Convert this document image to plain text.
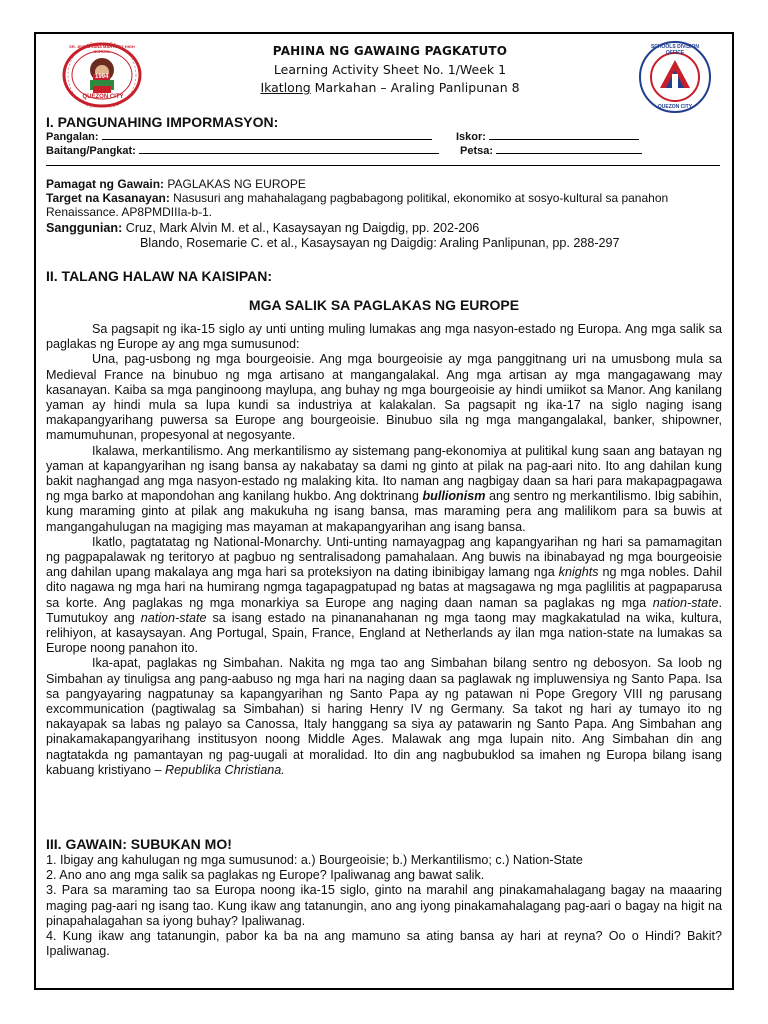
1994
QUEZON CITY
SR. JESUS JANA MARTINEZ HIGH SCHOOL
SCHOOLS DIVISION OFFICE
QUEZON CITY
PAHINA NG GAWAING PAGKATUTO
Learning Activity Sheet No. 1/Week 1
Ikatlong Markahan – Araling Panlipunan 8
I. PANGUNAHING IMPORMASYON:
Pangalan:	Iskor:
Baitang/Pangkat:	Petsa:
Pamagat ng Gawain: PAGLAKAS NG EUROPE
Target na Kasanayan: Nasusuri ang mahahalagang pagbabagong politikal, ekonomiko at sosyo-kultural sa panahon Renaissance. AP8PMDIIIa-b-1.
Sanggunian: Cruz, Mark Alvin M. et al., Kasaysayan ng Daigdig, pp. 202-206
Blando, Rosemarie C. et al., Kasaysayan ng Daigdig: Araling Panlipunan, pp. 288-297
II. TALANG HALAW NA KAISIPAN:
MGA SALIK SA PAGLAKAS NG EUROPE

Sa pagsapit ng ika-15 siglo ay unti unting muling lumakas ang mga nasyon-estado ng Europa. Ang mga salik sa paglakas ng Europe ay ang mga sumusunod:

Una, pag-usbong ng mga bourgeoisie. Ang mga bourgeoisie ay mga panggitnang uri na umusbong mula sa Medieval France na binubuo ng mga artisano at mangangalakal. Ang mga artisan ay mga mangagawang may kasanayan. Kaiba sa mga panginoong maylupa, ang buhay ng mga bourgeoisie ay hindi umiikot sa Manor. Ang kanilang yaman ay hindi mula sa lupa kundi sa industriya at kalakalan. Sa pagsapit ng ika-17 na siglo naging isang makapangyarihang puwersa sa Europe ang bourgeoisie. Binubuo sila ng mga mangangalakal, banker, shipowner, mamumuhunan, propesyonal at negosyante.

Ikalawa, merkantilismo. Ang merkantilismo ay sistemang pang-ekonomiya at pulitikal kung saan ang batayan ng yaman at kapangyarihan ng isang bansa ay nakabatay sa dami ng ginto at pilak na pag-aari nito. Ito ang dahilan kung bakit naghangad ang mga nasyon-estado ng malaking kita. Ito naman ang nagbigay daan sa hari para makapagpagawa ng mga barko at mapondohan ang kanilang hukbo. Ang doktrinang bullionism ang sentro ng merkantilismo. Ibig sabihin, kung maraming ginto at pilak ang makukuha ng isang bansa, mas maraming pera ang malilikom para sa buwis at mangangahulugan na magiging mas mayaman at makapangyarihan ang isang bansa.

Ikatlo, pagtatatag ng National-Monarchy. Unti-unting namayagpag ang kapangyarihan ng hari sa pamamagitan ng pagpapalawak ng teritoryo at pagbuo ng sentralisadong pamahalaan. Ang buwis na ibinabayad ng mga bourgeoisie ang dahilan upang makalaya ang mga hari sa proteksiyon na dating ibinibigay lamang nga knights ng mga nobles. Dahil dito nagawa ng mga hari na humirang ngmga tagapagpatupad ng batas at magsagawa ng mga paglilitis at pagpaparusa sa korte. Ang paglakas ng mga monarkiya sa Europe ang naging daan naman sa paglakas ng mga nation-state. Tumutukoy ang nation-state sa isang estado na pinananahanan ng mga taong may magkakatulad na wika, kultura, relihiyon, at kasaysayan. Ang Portugal, Spain, France, England at Netherlands ay ilan mga nation-state na lumakas sa Europe noong panahon ito.

Ika-apat, paglakas ng Simbahan. Nakita ng mga tao ang Simbahan bilang sentro ng debosyon. Sa loob ng Simbahan ay tinuligsa ang pang-aabuso ng mga hari na naging daan sa paglawak ng impluwensiya ng Santo Papa. Isa sa pangyayaring nagpatunay sa kapangyarihan ng Santo Papa ay ng patawan ni Pope Gregory VIII ng parusang excommunication (pagtiwalag sa Simbahan) si haring Henry IV ng Germany. Sa takot ng hari ay tumayo ito ng nakayapak sa labas ng palayo sa Canossa, Italy hanggang sa siya ay patawarin ng Santo Papa. Ang Simbahan ang pinakamakapangyarihang institusyon noong Middle Ages. Malawak ang mga lupain nito. Ang Simbahan din ang nagtatakda ng pamantayan ng pag-uugali at moralidad. Ito din ang nagbubuklod sa imahen ng Europa bilang isang kabuang kristiyano – Republika Christiana.

III. GAWAIN: SUBUKAN MO!
1. Ibigay ang kahulugan ng mga sumusunod: a.) Bourgeoisie; b.) Merkantilismo; c.) Nation-State
2. Ano ano ang mga salik sa paglakas ng Europe? Ipaliwanag ang bawat salik.
3. Para sa maraming tao sa Europa noong ika-15 siglo, ginto na marahil ang pinakamahalagang bagay na maaaring maging pag-aari ng isang tao. Kung ikaw ang tatanungin, ano ang iyong pinakamahalagang pag-aari o bagay na higit na pinapahalagahan sa iyong buhay? Ipaliwanag.
4. Kung ikaw ang tatanungin, pabor ka ba na ang mamuno sa ating bansa ay hari at reyna? Oo o Hindi? Bakit? Ipaliwanag.
